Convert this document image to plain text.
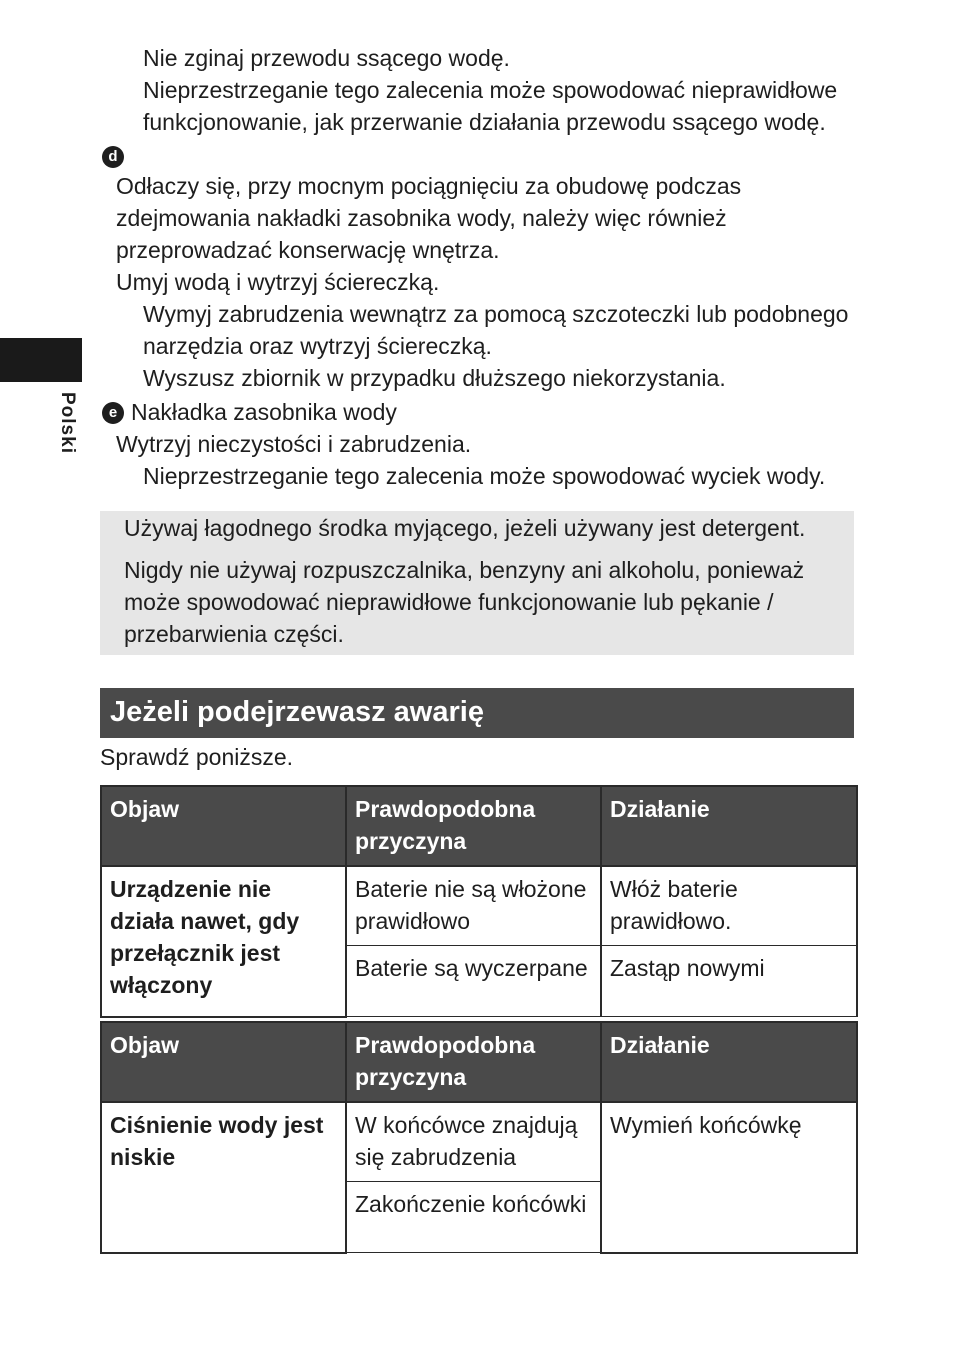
Nie zginaj przewodu ssącego wodę.
Nieprzestrzeganie tego zalecenia może spowodować nieprawidłowe
funkcjonowanie, jak przerwanie działania przewodu ssącego wodę.
d
Odłaczy się, przy mocnym pociągnięciu za obudowę podczas
zdejmowania nakładki zasobnika wody, należy więc również
przeprowadzać konserwację wnętrza.
Umyj wodą i wytrzyj ściereczką.
Wymyj zabrudzenia wewnątrz za pomocą szczoteczki lub podobnego
narzędzia oraz wytrzyj ściereczką.
Wyszusz zbiornik w przypadku dłuższego niekorzystania.
Polski	e Nakładka zasobnika wody
Wytrzyj nieczystości i zabrudzenia.
Nieprzestrzeganie tego zalecenia może spowodować wyciek wody.
Używaj łagodnego środka myjącego, jeżeli używany jest detergent.
Nigdy nie używaj rozpuszczalnika, benzyny ani alkoholu, ponieważ
może spowodować nieprawidłowe funkcjonowanie lub pękanie /
przebarwienia części.
Jeżeli podejrzewasz awarię
Sprawdź poniższe.
Objaw	Prawdopodobna przyczyna	Działanie
Urządzenie nie działa nawet, gdy przełącznik jest włączony	Baterie nie są włożone prawidłowo	Włóż baterie prawidłowo.
	Baterie są wyczerpane	Zastąp nowymi
Objaw	Prawdopodobna przyczyna	Działanie
Ciśnienie wody jest niskie	W końcówce znajdują się zabrudzenia	Wymień końcówkę
	Zakończenie końcówki	
